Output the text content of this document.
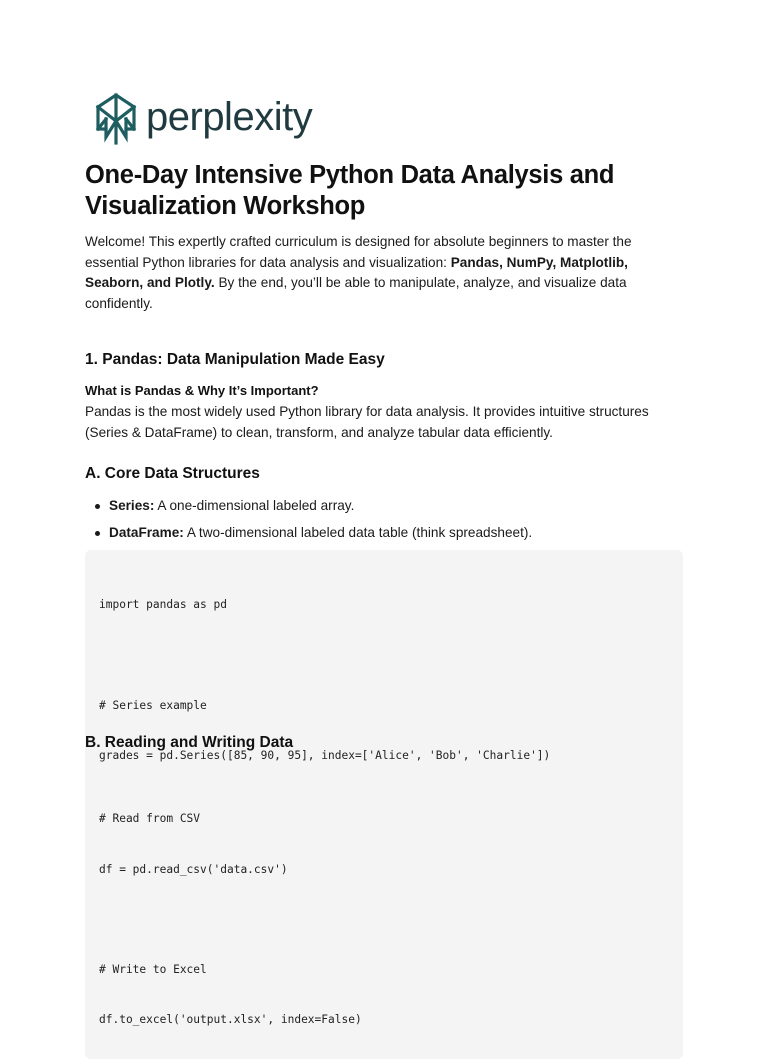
perplexity
One-Day Intensive Python Data Analysis and Visualization Workshop

Welcome! This expertly crafted curriculum is designed for absolute beginners to master the essential Python libraries for data analysis and visualization: Pandas, NumPy, Matplotlib, Seaborn, and Plotly. By the end, you’ll be able to manipulate, analyze, and visualize data confidently.

1. Pandas: Data Manipulation Made Easy

What is Pandas & Why It’s Important?

Pandas is the most widely used Python library for data analysis. It provides intuitive structures (Series & DataFrame) to clean, transform, and analyze tabular data efficiently.

A. Core Data Structures
Series: A one-dimensional labeled array.
DataFrame: A two-dimensional labeled data table (think spreadsheet).

import pandas as pd

# Series example

grades = pd.Series([85, 90, 95], index=['Alice', 'Bob', 'Charlie'])

B. Reading and Writing Data

# Read from CSV

df = pd.read_csv('data.csv')

# Write to Excel

df.to_excel('output.xlsx', index=False)
